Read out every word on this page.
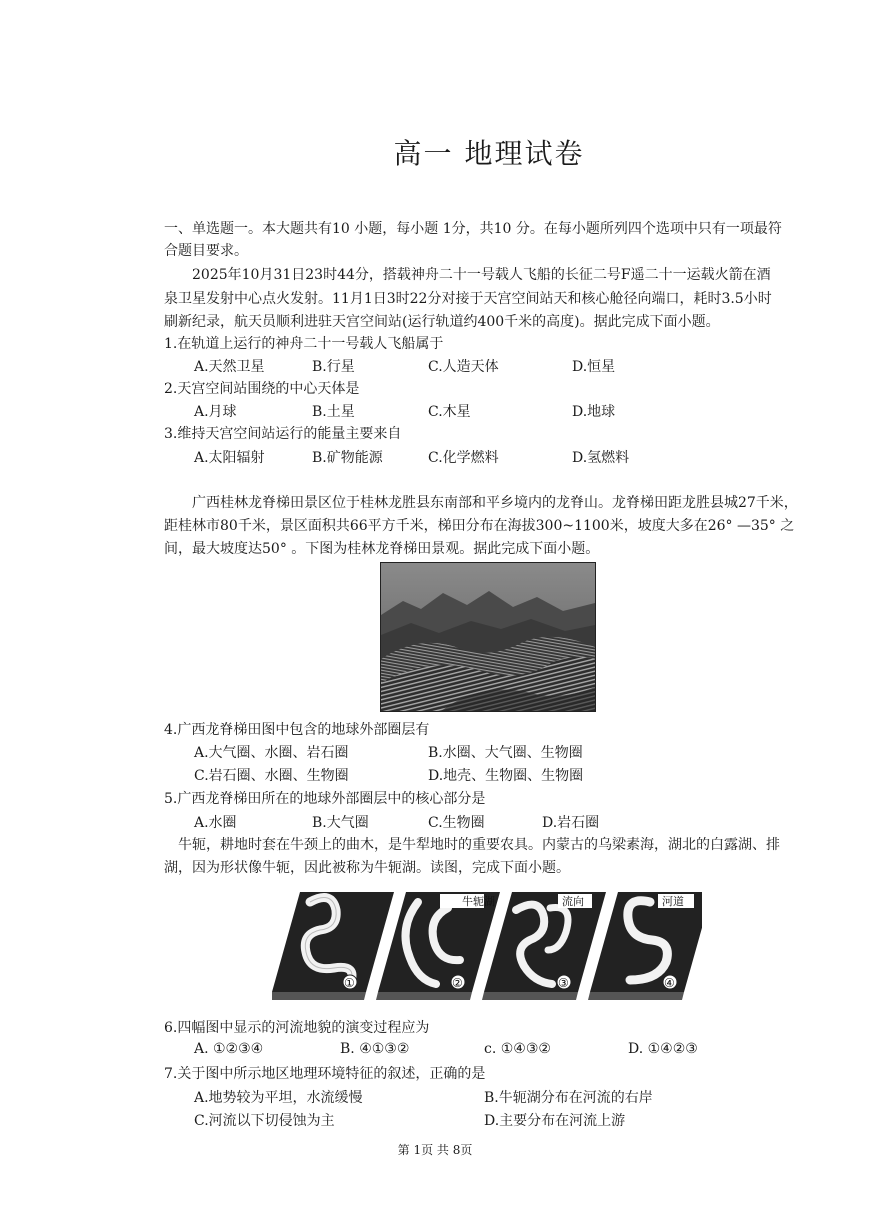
高一 地理试卷
一、单选题一。本大题共有10 小题，每小题 1分，共10 分。在每小题所列四个选项中只有一项最符
合题目要求。
2025年10月31日23时44分，搭载神舟二十一号载人飞船的长征二号F遥二十一运载火箭在酒
泉卫星发射中心点火发射。11月1日3时22分对接于天宫空间站天和核心舱径向端口，耗时3.5小时
刷新纪录，航天员顺利进驻天宫空间站(运行轨道约400千米的高度)。据此完成下面小题。
1.在轨道上运行的神舟二十一号载人飞船属于
A.天然卫星	B.行星	C.人造天体	D.恒星
2.天宫空间站围绕的中心天体是
A.月球	B.土星	C.木星	D.地球
3.维持天宫空间站运行的能量主要来自
A.太阳辐射	B.矿物能源	C.化学燃料	D.氢燃料
广西桂林龙脊梯田景区位于桂林龙胜县东南部和平乡境内的龙脊山。龙脊梯田距龙胜县城27千米，
距桂林市80千米，景区面积共66平方千米，梯田分布在海拔300~1100米，坡度大多在26° —35° 之
间，最大坡度达50° 。下图为桂林龙脊梯田景观。据此完成下面小题。
4.广西龙脊梯田图中包含的地球外部圈层有
A.大气圈、水圈、岩石圈	B.水圈、大气圈、生物圈
C.岩石圈、水圈、生物圈	D.地壳、生物圈、生物圈
5.广西龙脊梯田所在的地球外部圈层中的核心部分是
A.水圈	B.大气圈	C.生物圈	D.岩石圈
牛轭，耕地时套在牛颈上的曲木，是牛犁地时的重要农具。内蒙古的乌梁素海，湖北的白露湖、排
湖，因为形状像牛轭，因此被称为牛轭湖。读图，完成下面小题。
牛轭湖	流向	河道
①	②	③	④
6.四幅图中显示的河流地貌的演变过程应为
A. ①②③④	B. ④①③②	c. ①④③②	D. ①④②③
7.关于图中所示地区地理环境特征的叙述，正确的是
A.地势较为平坦，水流缓慢	B.牛轭湖分布在河流的右岸
C.河流以下切侵蚀为主	D.主要分布在河流上游
第 1页 共 8页
